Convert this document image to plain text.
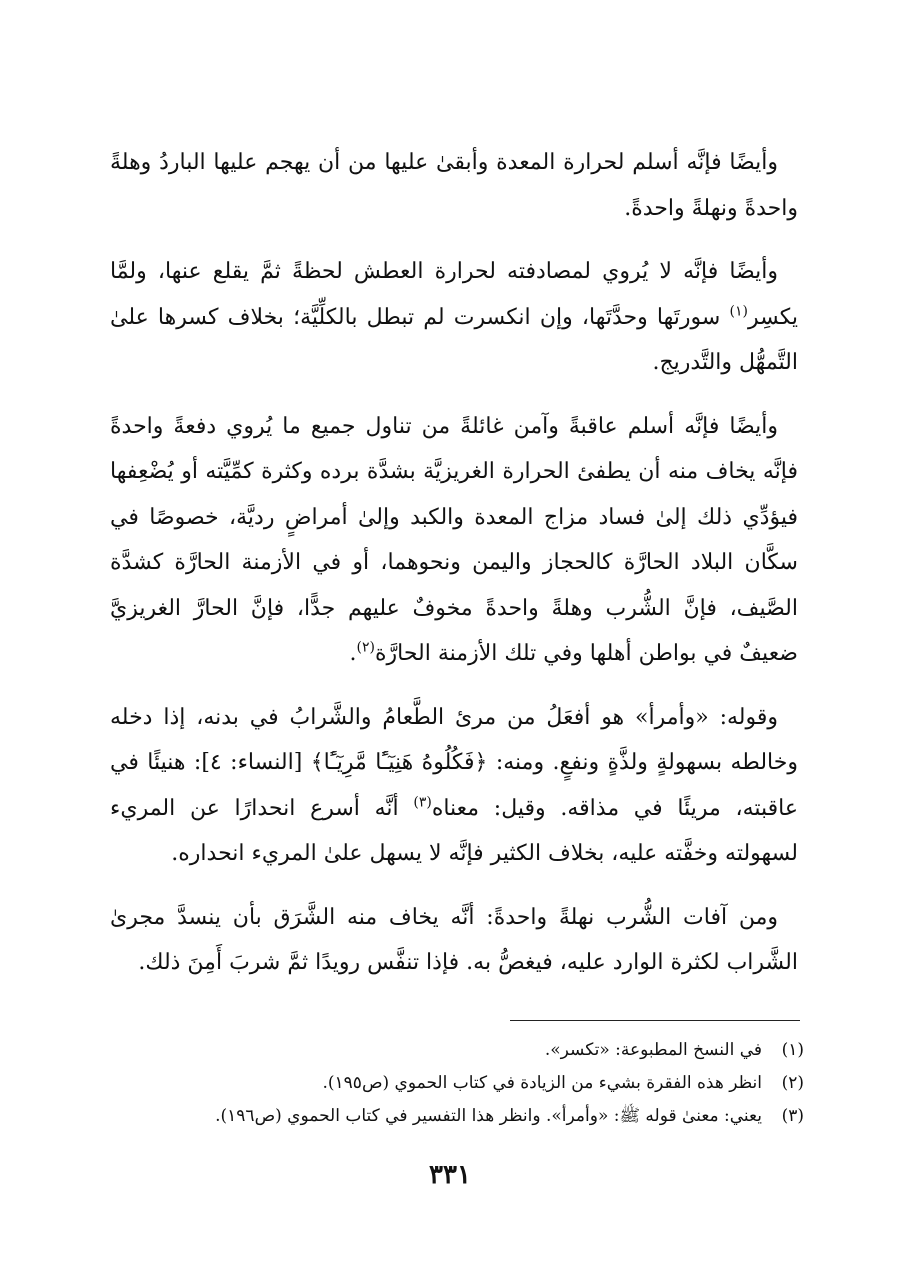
وأيضًا فإنَّه أسلم لحرارة المعدة وأبقىٰ عليها من أن يهجم عليها الباردُ وهلةً واحدةً ونهلةً واحدةً.

وأيضًا فإنَّه لا يُروي لمصادفته لحرارة العطش لحظةً ثمَّ يقلع عنها، ولمَّا يكسِر$^{(١)}$ سورتَها وحدَّتَها، وإن انكسرت لم تبطل بالكلِّيَّة؛ بخلاف كسرها علىٰ التَّمهُّل والتَّدريج.

وأيضًا فإنَّه أسلم عاقبةً وآمن غائلةً من تناول جميع ما يُروي دفعةً واحدةً فإنَّه يخاف منه أن يطفئ الحرارة الغريزيَّة بشدَّة برده وكثرة كمِّيَّته أو يُضْعِفها فيؤدِّي ذلك إلىٰ فساد مزاج المعدة والكبد وإلىٰ أمراضٍ رديَّة، خصوصًا في سكَّان البلاد الحارَّة كالحجاز واليمن ونحوهما، أو في الأزمنة الحارَّة كشدَّة الصَّيف، فإنَّ الشُّرب وهلةً واحدةً مخوفٌ عليهم جدًّا، فإنَّ الحارَّ الغريزيَّ ضعيفٌ في بواطن أهلها وفي تلك الأزمنة الحارَّة$^{(٢)}$.

وقوله: «وأمرأ» هو أفعَلُ من مرئ الطَّعامُ والشَّرابُ في بدنه، إذا دخله وخالطه بسهولةٍ ولذَّةٍ ونفعٍ. ومنه: ﴿فَكُلُوهُ هَنِيٓـًٔا مَّرِيٓـًٔا﴾ [النساء: ٤]: هنيئًا في عاقبته، مريئًا في مذاقه. وقيل: معناه$^{(٣)}$ أنَّه أسرع انحدارًا عن المريء لسهولته وخفَّته عليه، بخلاف الكثير فإنَّه لا يسهل علىٰ المريء انحداره.

ومن آفات الشُّرب نهلةً واحدةً: أنَّه يخاف منه الشَّرَق بأن ينسدَّ مجرىٰ الشَّراب لكثرة الوارد عليه، فيغصُّ به. فإذا تنفَّس رويدًا ثمَّ شربَ أَمِنَ ذلك.

(١)في النسخ المطبوعة: «تكسر».
(٢)انظر هذه الفقرة بشيء من الزيادة في كتاب الحموي (ص١٩٥).
(٣)يعني: معنىٰ قوله ﷺ: «وأمرأ». وانظر هذا التفسير في كتاب الحموي (ص١٩٦).
٣٣١
